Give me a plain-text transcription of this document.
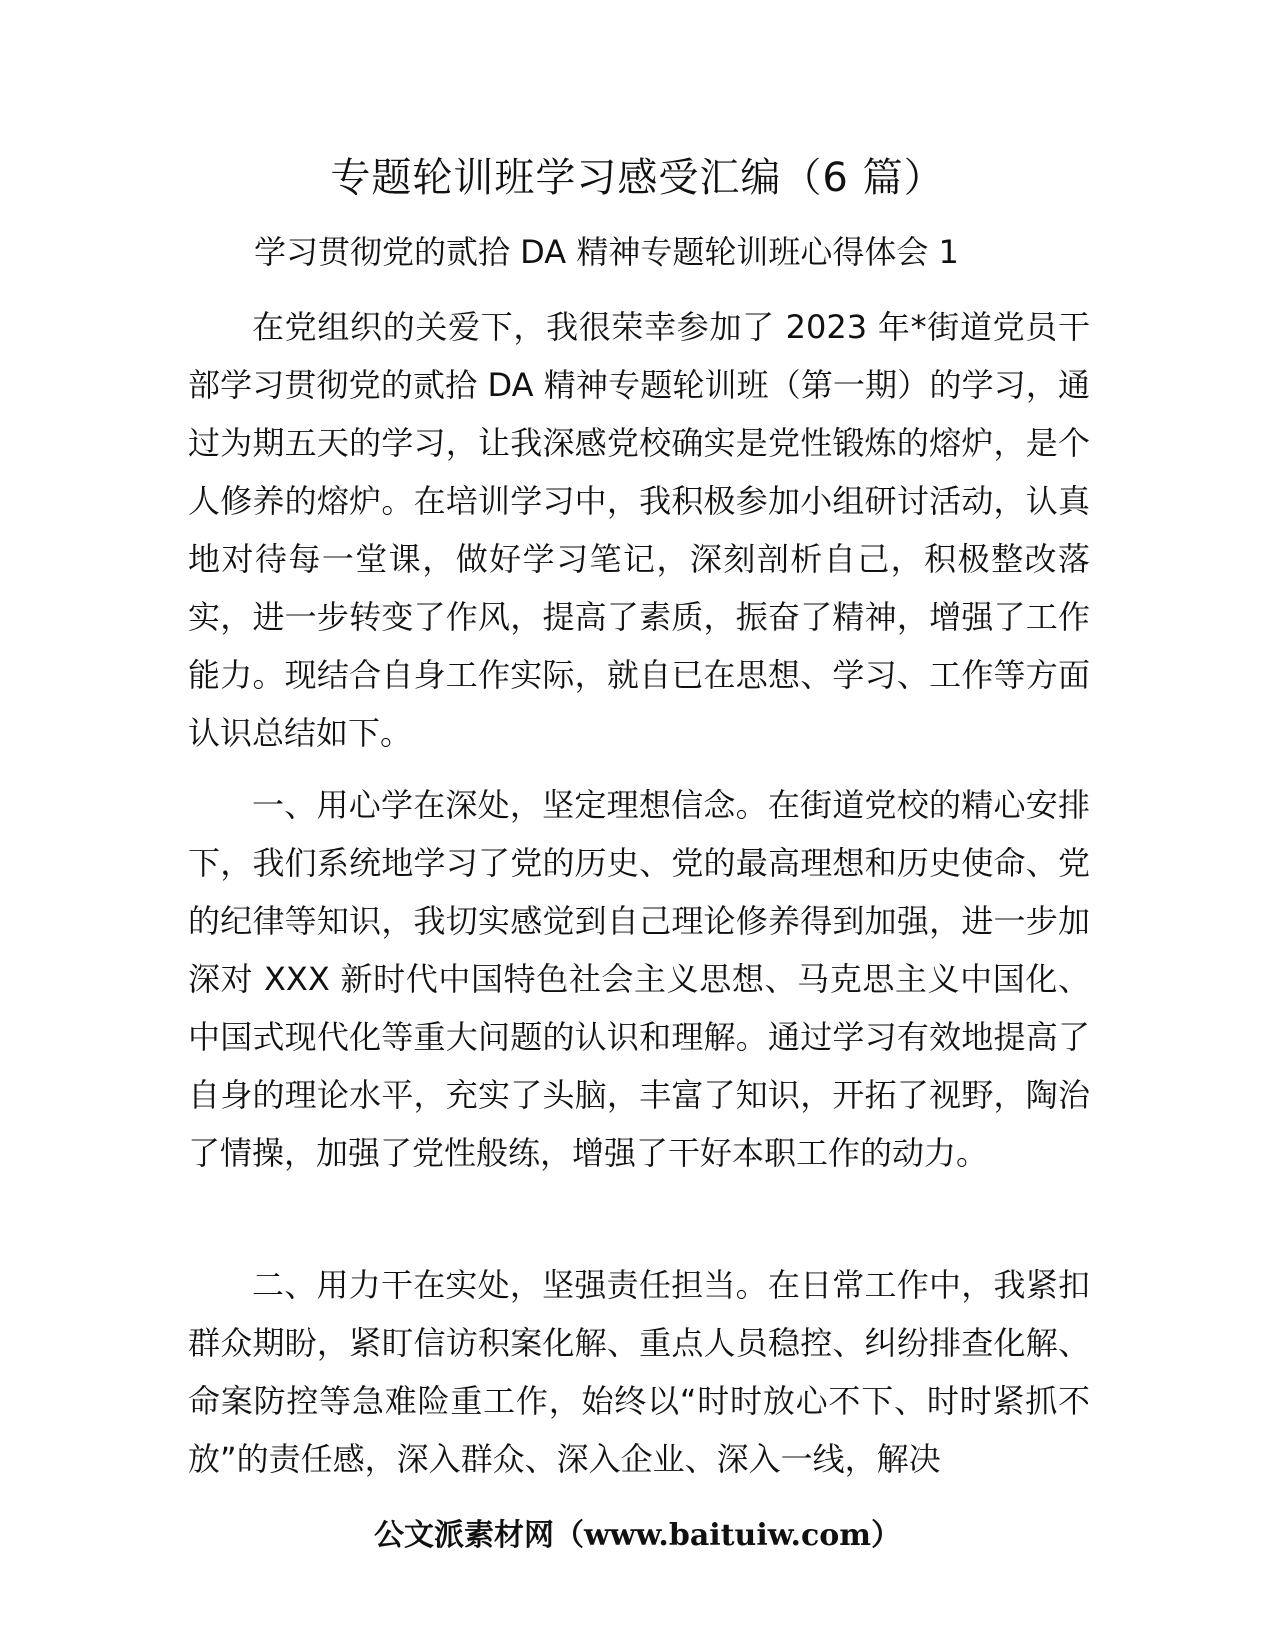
专题轮训班学习感受汇编（6 篇）
学习贯彻党的贰拾 DA 精神专题轮训班心得体会 1

在党组织的关爱下，我很荣幸参加了 2023 年*街道党员干部学习贯彻党的贰拾 DA 精神专题轮训班（第一期）的学习，通过为期五天的学习，让我深感党校确实是党性锻炼的熔炉，是个人修养的熔炉。在培训学习中，我积极参加小组研讨活动，认真地对待每一堂课，做好学习笔记，深刻剖析自己，积极整改落实，进一步转变了作风，提高了素质，振奋了精神，增强了工作能力。现结合自身工作实际，就自已在思想、学习、工作等方面认识总结如下。

一、用心学在深处，坚定理想信念。在街道党校的精心安排下，我们系统地学习了党的历史、党的最高理想和历史使命、党的纪律等知识，我切实感觉到自己理论修养得到加强，进一步加深对 XXX 新时代中国特色社会主义思想、马克思主义中国化、中国式现代化等重大问题的认识和理解。通过学习有效地提高了自身的理论水平，充实了头脑，丰富了知识，开拓了视野，陶治了情操，加强了党性般练，增强了干好本职工作的动力。

二、用力干在实处，坚强责任担当。在日常工作中，我紧扣群众期盼，紧盯信访积案化解、重点人员稳控、纠纷排查化解、命案防控等急难险重工作，始终以“时时放心不下、时时紧抓不放”的责任感，深入群众、深入企业、深入一线，解决

公文派素材网（www.baituiw.com）
